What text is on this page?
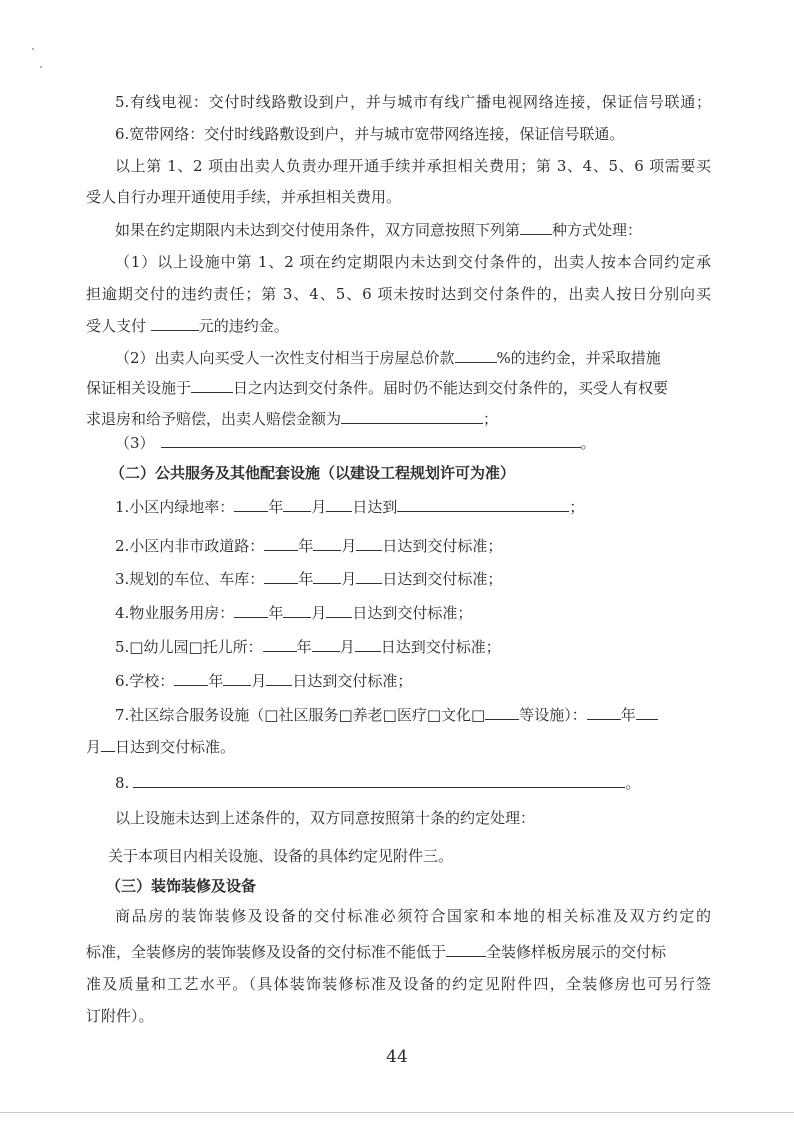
5.有线电视：交付时线路敷设到户，并与城市有线广播电视网络连接，保证信号联通；
6.宽带网络：交付时线路敷设到户，并与城市宽带网络连接，保证信号联通。
以上第 1、2 项由出卖人负责办理开通手续并承担相关费用；第 3、4、5、6 项需要买
受人自行办理开通使用手续，并承担相关费用。
如果在约定期限内未达到交付使用条件，双方同意按照下列第 种方式处理：
（1）以上设施中第 1、2 项在约定期限内未达到交付条件的，出卖人按本合同约定承
担逾期交付的违约责任；第 3、4、5、6 项未按时达到交付条件的，出卖人按日分别向买
受人支付	元的违约金。
（2）出卖人向买受人一次性支付相当于房屋总价款	%的违约金，并采取措施
保证相关设施于	日之内达到交付条件。届时仍不能达到交付条件的，买受人有权要
求退房和给予赔偿，出卖人赔偿金额为	；
（3）	。
（二）公共服务及其他配套设施（以建设工程规划许可为准）
1.小区内绿地率： 年 月 日达到	；
2.小区内非市政道路： 年 月 日达到交付标准；
3.规划的车位、车库： 年 月 日达到交付标准；
4.物业服务用房： 年 月 日达到交付标准；
5.□幼儿园□托儿所： 年 月 日达到交付标准；
6.学校： 年 月 日达到交付标准；
7.社区综合服务设施（□社区服务□养老□医疗□文化□ 等设施）： 年
月 日达到交付标准。
8.	。
以上设施未达到上述条件的，双方同意按照第十条的约定处理：
关于本项目内相关设施、设备的具体约定见附件三。
（三）装饰装修及设备
商品房的装饰装修及设备的交付标准必须符合国家和本地的相关标准及双方约定的
标准，全装修房的装饰装修及设备的交付标准不能低于	全装修样板房展示的交付标
准及质量和工艺水平。（具体装饰装修标准及设备的约定见附件四，全装修房也可另行签
订附件）。
44
